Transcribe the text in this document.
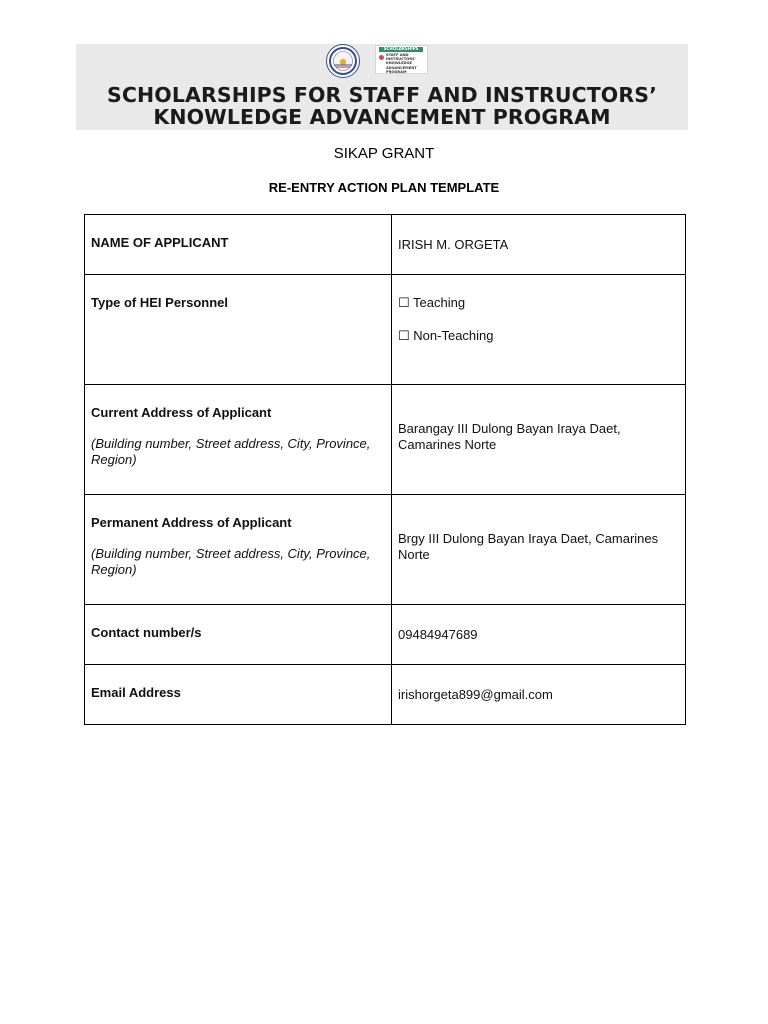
SCHOLARSHIPS
STAFF AND
INSTRUCTORS'
KNOWLEDGE
ADVANCEMENT
PROGRAM
SCHOLARSHIPS FOR STAFF AND INSTRUCTORS’
KNOWLEDGE ADVANCEMENT PROGRAM
SIKAP GRANT
RE-ENTRY ACTION PLAN TEMPLATE
NAME OF APPLICANT	IRISH M. ORGETA
Type of HEI Personnel	☐ Teaching
☐ Non-Teaching

Current Address of Applicant
(Building number, Street address, City, Province, Region)	Barangay III Dulong Bayan Iraya Daet, Camarines Norte
Permanent Address of Applicant
(Building number, Street address, City, Province, Region)	Brgy III Dulong Bayan Iraya Daet, Camarines Norte
Contact number/s	09484947689
Email Address	irishorgeta899@gmail.com
